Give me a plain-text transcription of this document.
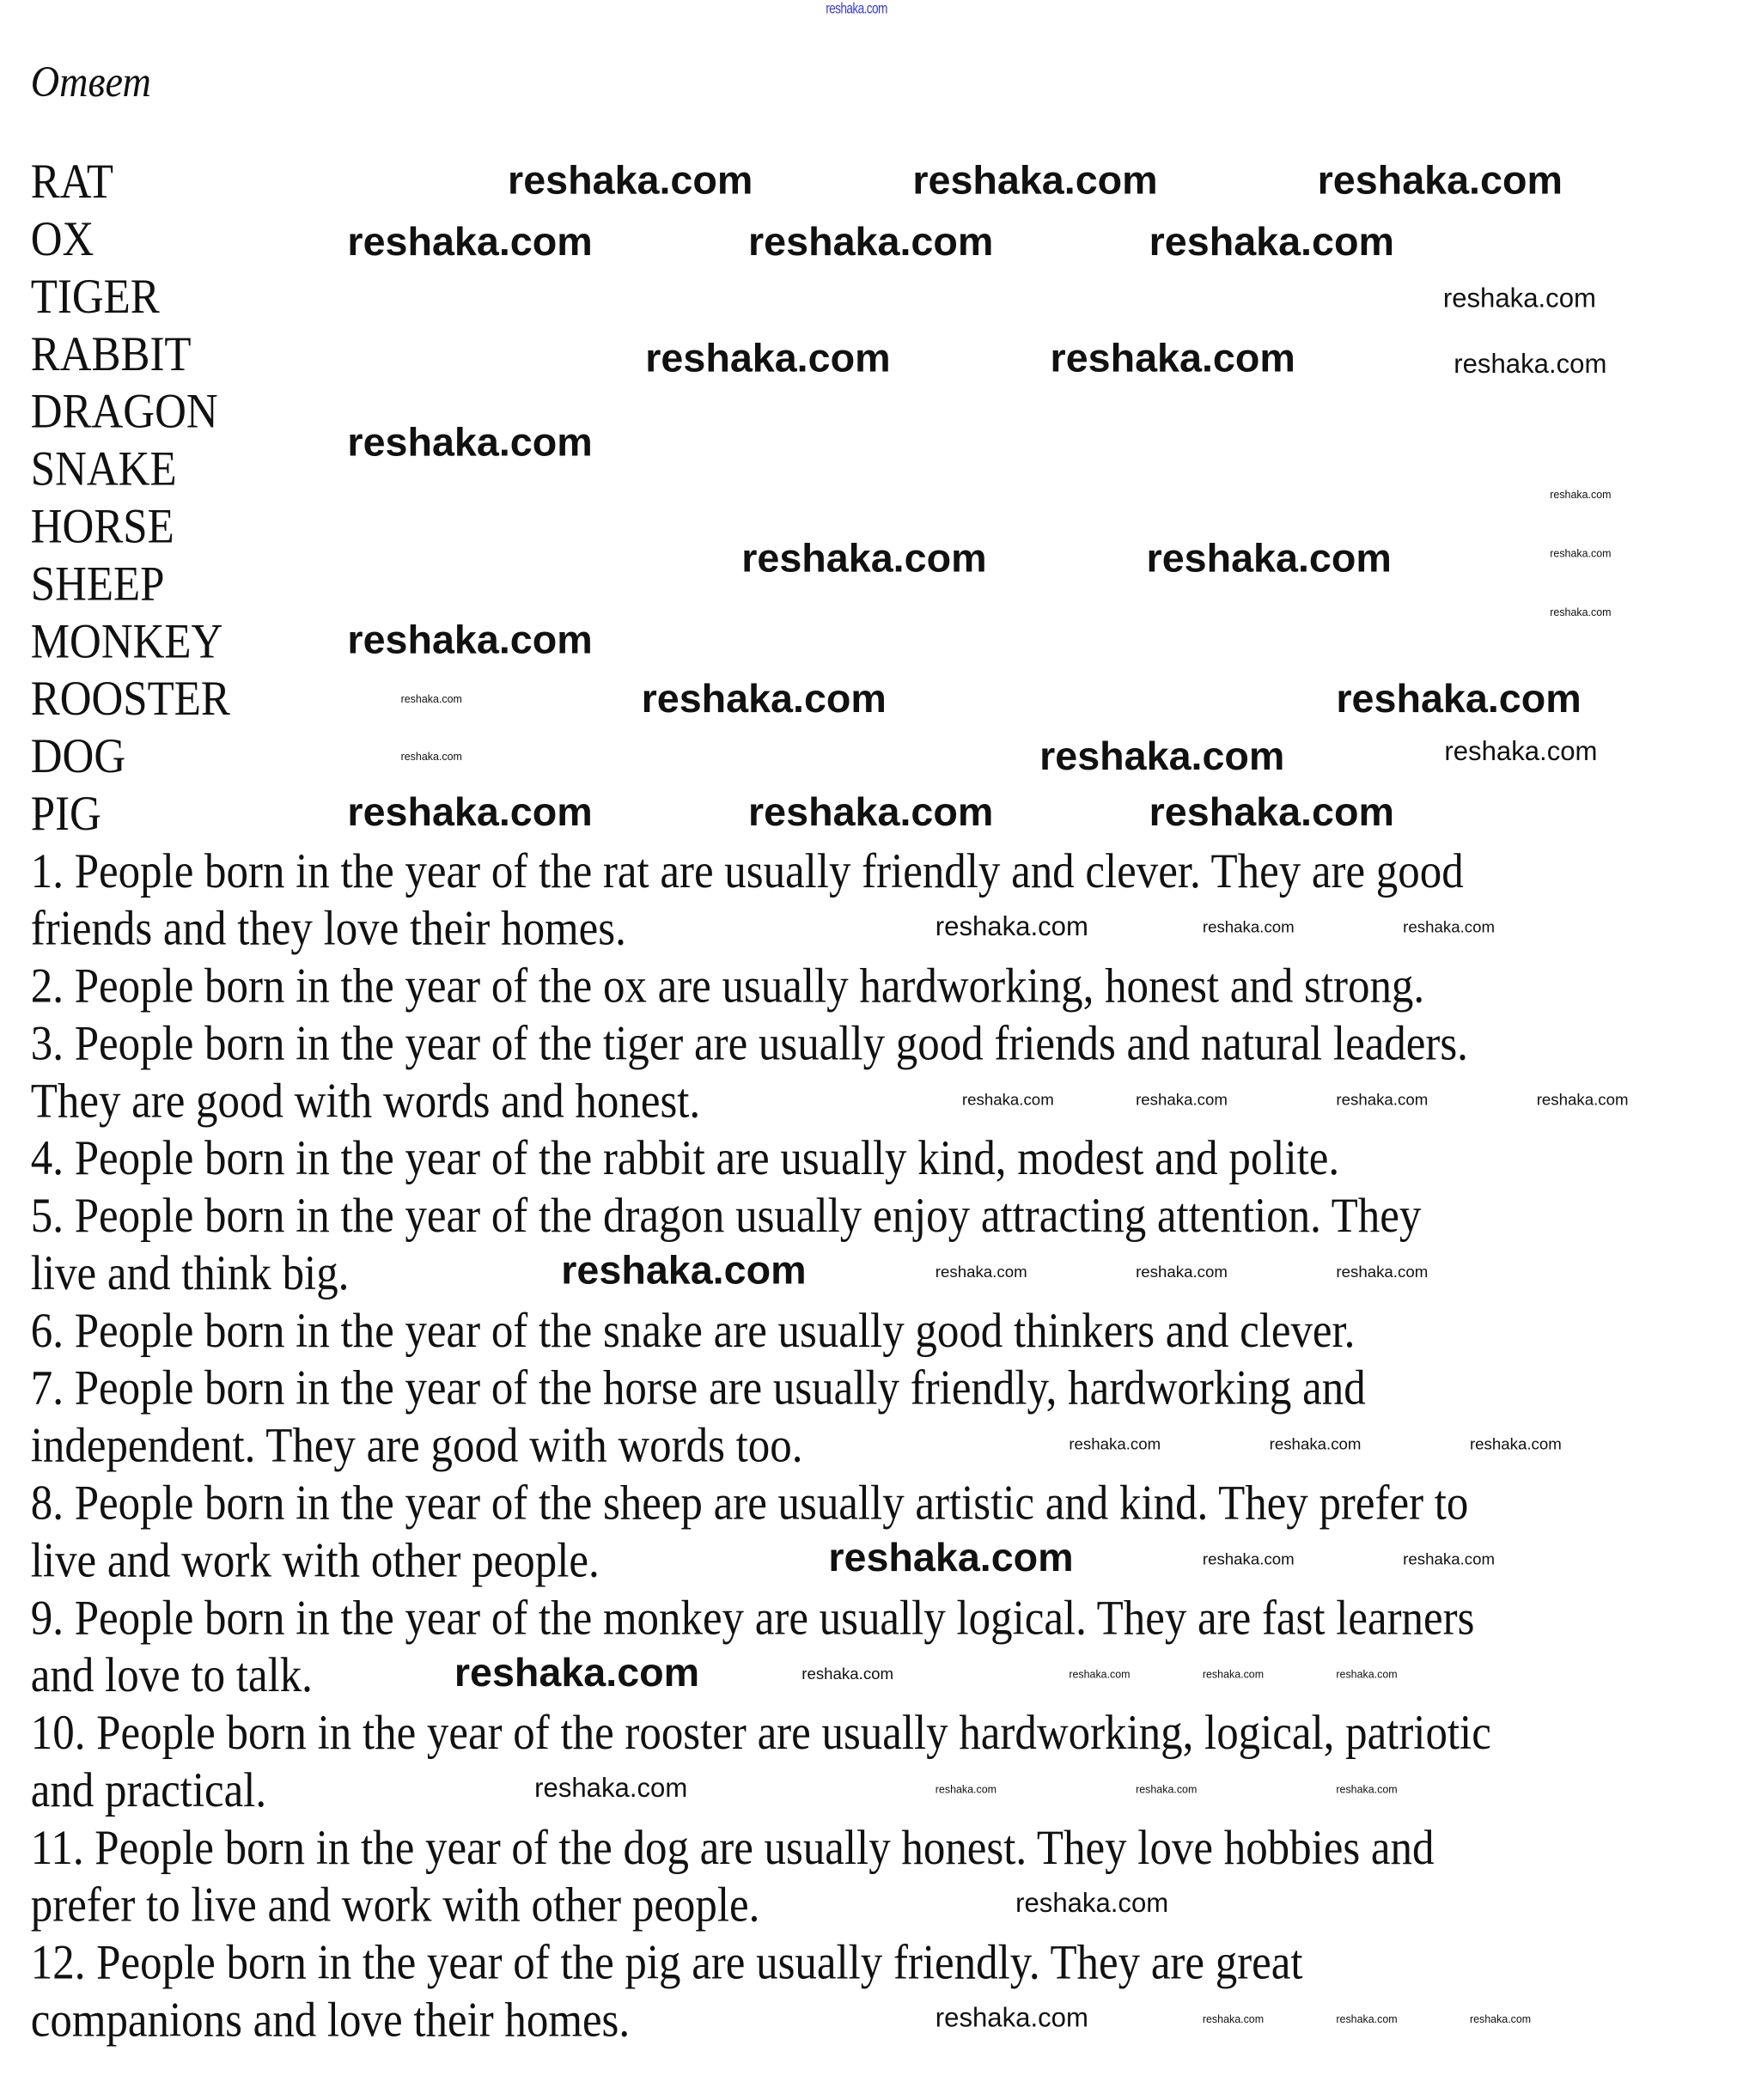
reshaka.com
Ответ
RAT
OX
TIGER
RABBIT
DRAGON
SNAKE
HORSE
SHEEP
MONKEY
ROOSTER
DOG
PIG
1. People born in the year of the rat are usually friendly and clever. They are good
friends and they love their homes.
2. People born in the year of the ox are usually hardworking, honest and strong.
3. People born in the year of the tiger are usually good friends and natural leaders.
They are good with words and honest.
4. People born in the year of the rabbit are usually kind, modest and polite.
5. People born in the year of the dragon usually enjoy attracting attention. They
live and think big.
6. People born in the year of the snake are usually good thinkers and clever.
7. People born in the year of the horse are usually friendly, hardworking and
independent. They are good with words too.
8. People born in the year of the sheep are usually artistic and kind. They prefer to
live and work with other people.
9. People born in the year of the monkey are usually logical. They are fast learners
and love to talk.
10. People born in the year of the rooster are usually hardworking, logical, patriotic
and practical.
11. People born in the year of the dog are usually honest. They love hobbies and
prefer to live and work with other people.
12. People born in the year of the pig are usually friendly. They are great
companions and love their homes.
reshaka.com	reshaka.com	reshaka.com
reshaka.com	reshaka.com	reshaka.com
reshaka.com	reshaka.com
reshaka.com
reshaka.com	reshaka.com
reshaka.com
reshaka.com	reshaka.com
reshaka.com
reshaka.com	reshaka.com	reshaka.com
reshaka.com
reshaka.com
reshaka.com
reshaka.com
reshaka.com
reshaka.com
reshaka.com
reshaka.com
reshaka.com
reshaka.com
reshaka.com	reshaka.com
reshaka.com	reshaka.com	reshaka.com	reshaka.com
reshaka.com	reshaka.com	reshaka.com
reshaka.com	reshaka.com	reshaka.com
reshaka.com	reshaka.com
reshaka.com
reshaka.com
reshaka.com
reshaka.com
reshaka.com
reshaka.com
reshaka.com	reshaka.com	reshaka.com
reshaka.com	reshaka.com	reshaka.com
reshaka.com	reshaka.com	reshaka.com
